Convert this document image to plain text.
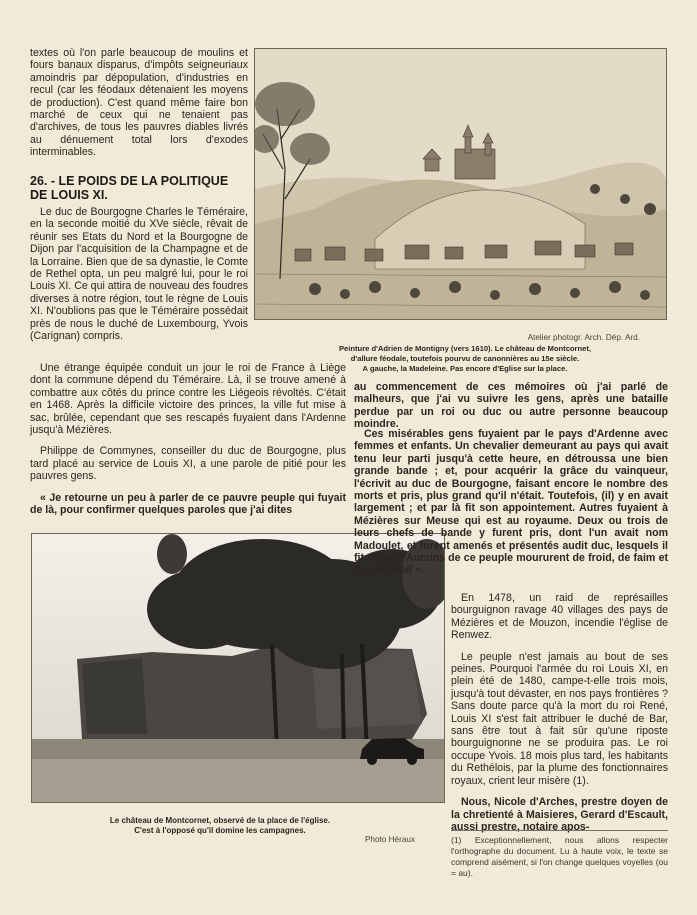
textes où l'on parle beaucoup de moulins et fours banaux disparus, d'impôts seigneuriaux amoindris par dépopulation, d'industries en recul (car les féodaux détenaient les moyens de production). C'est quand même faire bon marché de ceux qui ne tenaient pas d'archives, de tous les pauvres diables livrés au dénuement total lors d'exodes interminables.

26. - LE POIDS DE LA POLITIQUE
DE LOUIS XI.

Le duc de Bourgogne Charles le Téméraire, en la seconde moitié du XVe siècle, rêvait de réunir ses Etats du Nord et la Bourgogne de Dijon par l'acquisition de la Champagne et de la Lorraine. Bien que de sa dynastie, le Comte de Rethel opta, un peu malgré lui, pour le roi Louis XI. Ce qui attira de nouveau des foudres diverses à notre région, tout le règne de Louis XI. N'oublions pas que le Téméraire possédait près de nous le duché de Luxembourg, Yvois (Carignan) compris.	Atelier photogr. Arch. Dép. Ard.
Peinture d'Adrien de Montigny (vers 1610). Le château de Montcornet,
d'allure féodale, toutefois pourvu de canonnières au 15e siècle.
A gauche, la Madeleine. Pas encore d'Eglise sur la place.

Une étrange équipée conduit un jour le roi de France à Liège dont la commune dépend du Téméraire. Là, il se trouve amené à combattre aux côtés du prince contre les Liégeois révoltés. C'était en 1468. Après la difficile victoire des princes, la ville fut mise à sac, brûlée, cependant que ses rescapés fuyaient dans l'Ardenne jusqu'à Mézières.

Philippe de Commynes, conseiller du duc de Bourgogne, plus tard placé au service de Louis XI, a une parole de pitié pour les pauvres gens.

« Je retourne un peu à parler de ce pauvre peuple qui fuyait de là, pour confirmer quelques paroles que j'ai dites

au commencement de ces mémoires où j'ai parlé de malheurs, que j'ai vu suivre les gens, après une bataille perdue par un roi ou duc ou autre personne beaucoup moindre.

Le château de Montcornet, observé de la place de l'église.
C'est à l'opposé qu'il domine les campagnes.
Photo Héraux

Ces misérables gens fuyaient par le pays d'Ardenne avec femmes et enfants. Un chevalier demeurant au pays qui avait tenu leur parti jusqu'à cette heure, en détroussa une bien grande bande ; et, pour acquérir la grâce du vainqueur, l'écrivit au duc de Bourgogne, faisant encore le nombre des morts et pris, plus grand qu'il n'était. Toutefois, (il) y en avait largement ; et par là fit son appointement. Autres fuyaient à Mézières sur Meuse qui est au royaume. Deux ou trois de leurs chefs de bande y furent pris, dont l'un avait nom Madoulet, et furent amenés et présentés audit duc, lesquels il fit mourir. Aucuns de ce peuple moururent de froid, de faim et de sommeil ».

En 1478, un raid de représailles bourguignon ravage 40 villages des pays de Mézières et de Mouzon, incendie l'église de Renwez.

Le peuple n'est jamais au bout de ses peines. Pourquoi l'armée du roi Louis XI, en plein été de 1480, campe-t-elle trois mois, jusqu'à tout dévaster, en nos pays frontières ? Sans doute parce qu'à la mort du roi René, Louis XI s'est fait attribuer le duché de Bar, sans être tout à fait sûr qu'une riposte bourguignonne ne se produira pas. Le roi occupe Yvois. 18 mois plus tard, les habitants du Rethélois, par la plume des fonctionnaires royaux, crient leur misère (1).

Nous, Nicole d'Arches, prestre doyen de la chretienté à Maisieres, Gerard d'Escault, aussi prestre, notaire apos-

(1) Exceptionnellement, nous allons respecter l'orthographe du document. Lu à haute voix, le texte se comprend aisément, si l'on change quelques voyelles (ou = au).
